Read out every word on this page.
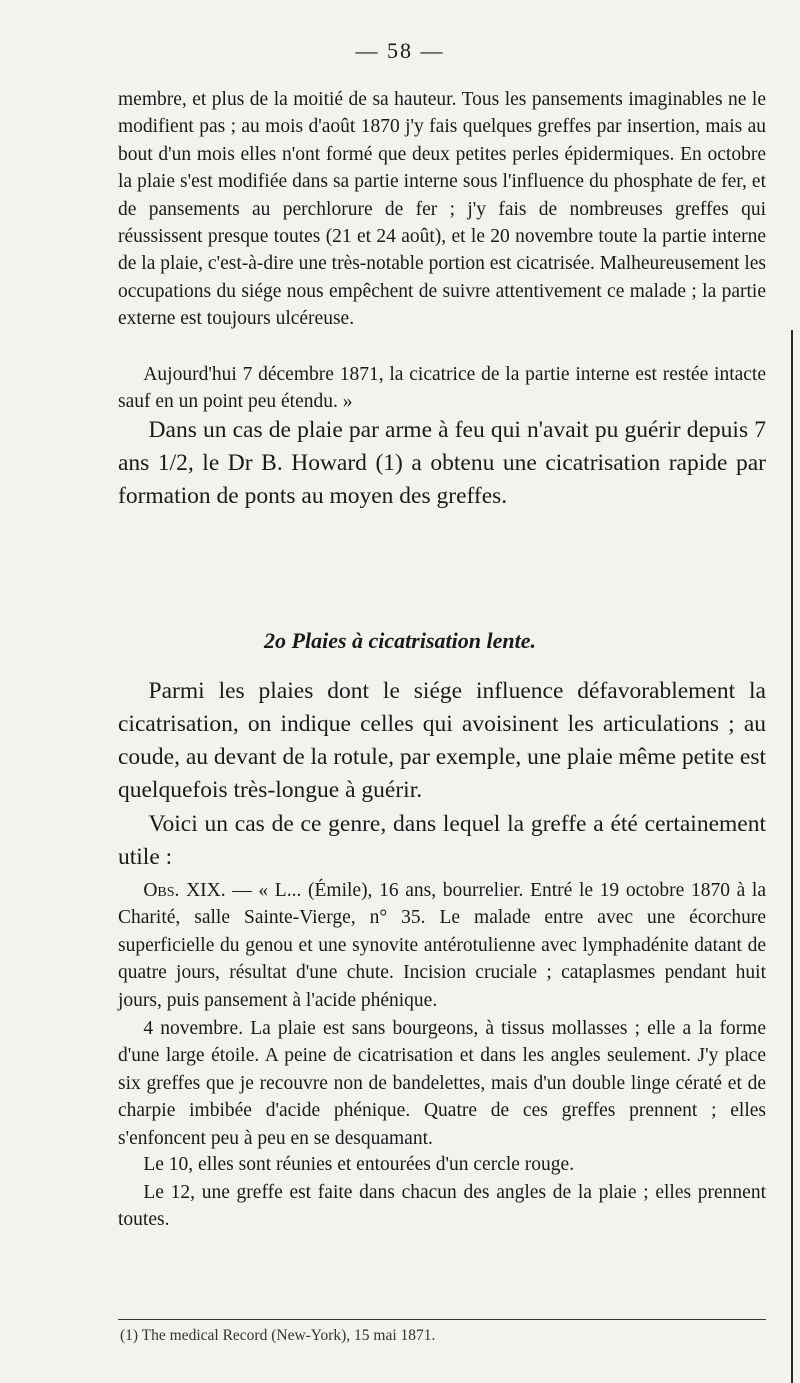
— 58 —

membre, et plus de la moitié de sa hauteur. Tous les pansements imaginables ne le modifient pas ; au mois d'août 1870 j'y fais quelques greffes par insertion, mais au bout d'un mois elles n'ont formé que deux petites perles épidermiques. En octobre la plaie s'est modifiée dans sa partie interne sous l'influence du phosphate de fer, et de pansements au perchlorure de fer ; j'y fais de nombreuses greffes qui réussissent presque toutes (21 et 24 août), et le 20 novembre toute la partie interne de la plaie, c'est-à-dire une très-notable portion est cicatrisée. Malheureusement les occupations du siége nous empêchent de suivre attentivement ce malade ; la partie externe est toujours ulcéreuse.

Aujourd'hui 7 décembre 1871, la cicatrice de la partie interne est restée intacte sauf en un point peu étendu. »

Dans un cas de plaie par arme à feu qui n'avait pu guérir depuis 7 ans 1/2, le Dr B. Howard (1) a obtenu une cicatrisation rapide par formation de ponts au moyen des greffes.

2o Plaies à cicatrisation lente.

Parmi les plaies dont le siége influence défavorablement la cicatrisation, on indique celles qui avoisinent les articulations ; au coude, au devant de la rotule, par exemple, une plaie même petite est quelquefois très-longue à guérir.

Voici un cas de ce genre, dans lequel la greffe a été certainement utile :

Obs. XIX. — « L... (Émile), 16 ans, bourrelier. Entré le 19 octobre 1870 à la Charité, salle Sainte-Vierge, n° 35. Le malade entre avec une écorchure superficielle du genou et une synovite antérotulienne avec lymphadénite datant de quatre jours, résultat d'une chute. Incision cruciale ; cataplasmes pendant huit jours, puis pansement à l'acide phénique.

4 novembre. La plaie est sans bourgeons, à tissus mollasses ; elle a la forme d'une large étoile. A peine de cicatrisation et dans les angles seulement. J'y place six greffes que je recouvre non de bandelettes, mais d'un double linge cératé et de charpie imbibée d'acide phénique. Quatre de ces greffes prennent ; elles s'enfoncent peu à peu en se desquamant.

Le 10, elles sont réunies et entourées d'un cercle rouge.

Le 12, une greffe est faite dans chacun des angles de la plaie ; elles prennent toutes.

(1) The medical Record (New-York), 15 mai 1871.
